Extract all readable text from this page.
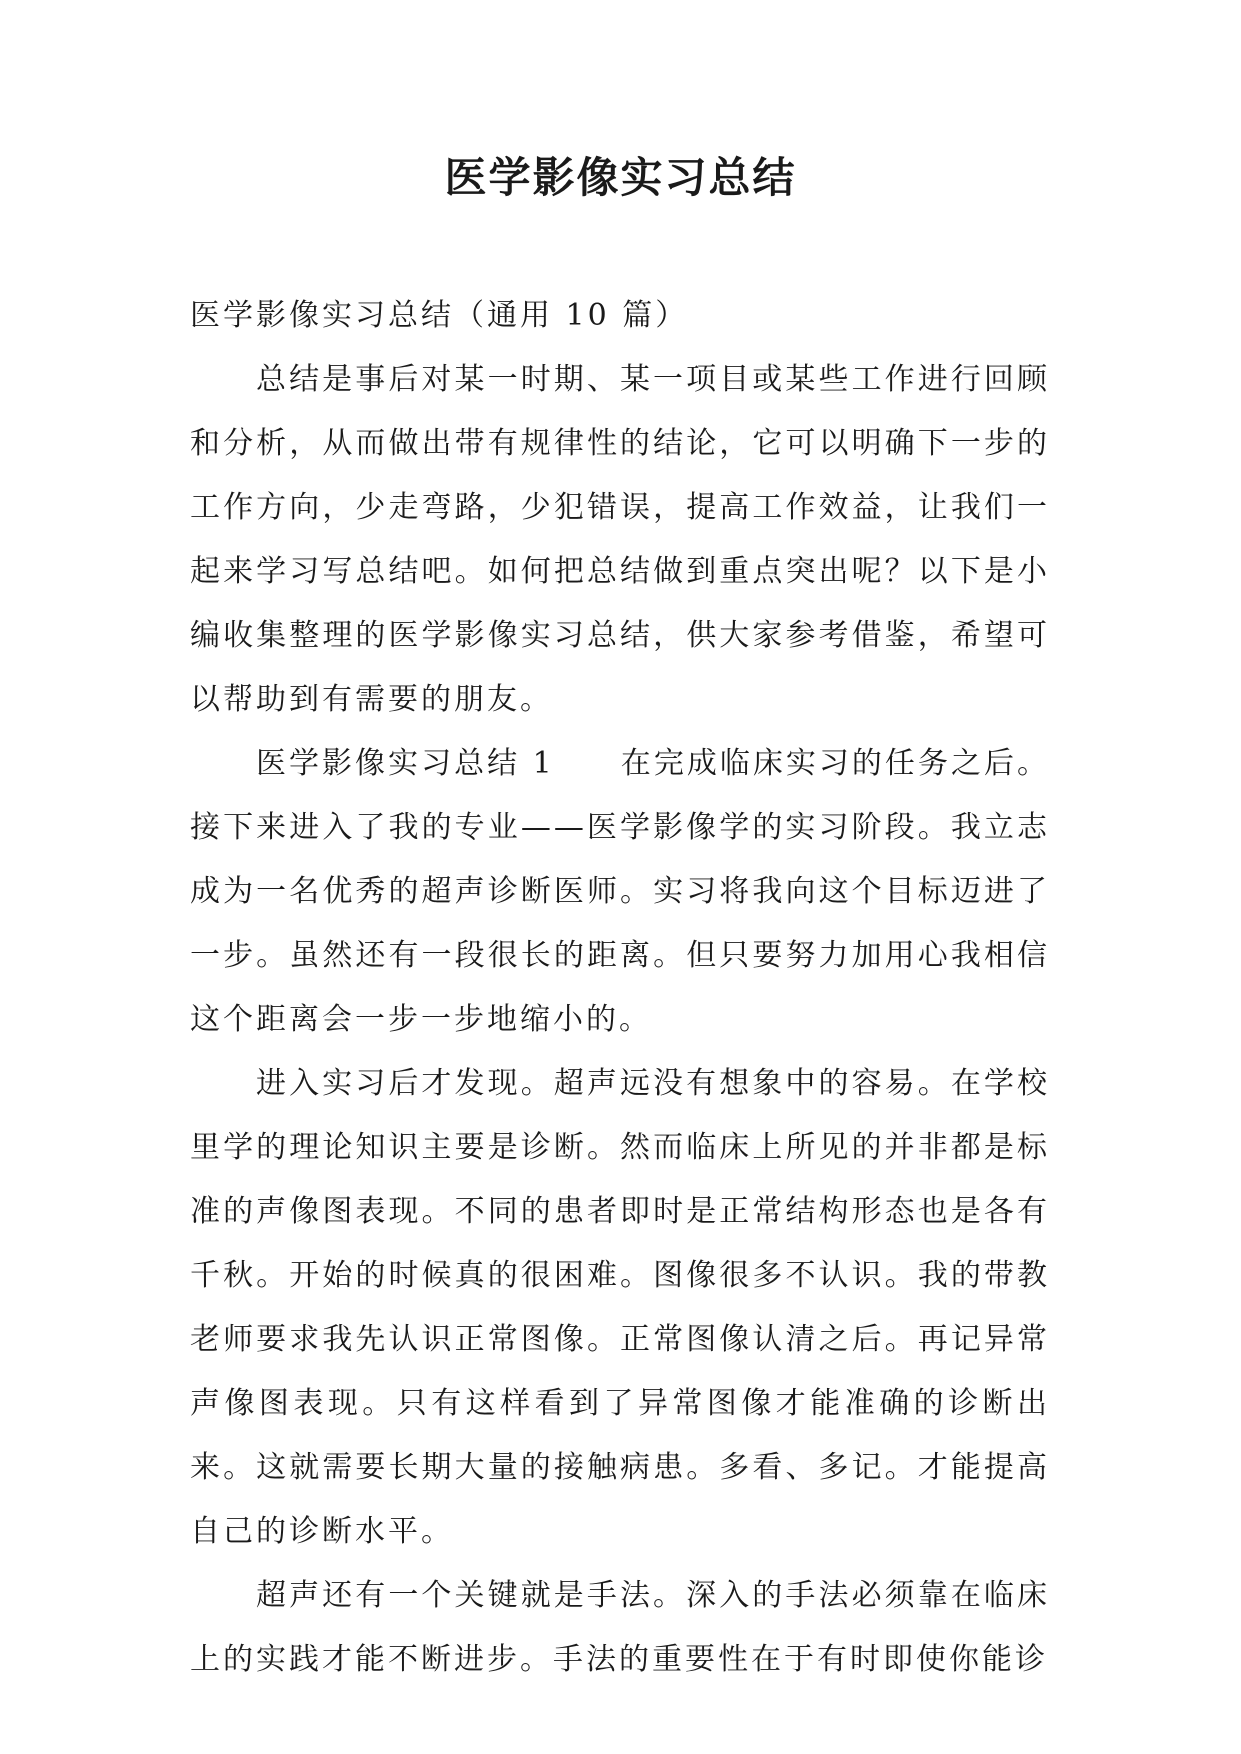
医学影像实习总结

医学影像实习总结（通用 10 篇）

总结是事后对某一时期、某一项目或某些工作进行回顾和分析，从而做出带有规律性的结论，它可以明确下一步的工作方向，少走弯路，少犯错误，提高工作效益，让我们一起来学习写总结吧。如何把总结做到重点突出呢？以下是小编收集整理的医学影像实习总结，供大家参考借鉴，希望可以帮助到有需要的朋友。

医学影像实习总结 1　　在完成临床实习的任务之后。接下来进入了我的专业——医学影像学的实习阶段。我立志成为一名优秀的超声诊断医师。实习将我向这个目标迈进了一步。虽然还有一段很长的距离。但只要努力加用心我相信这个距离会一步一步地缩小的。

进入实习后才发现。超声远没有想象中的容易。在学校里学的理论知识主要是诊断。然而临床上所见的并非都是标准的声像图表现。不同的患者即时是正常结构形态也是各有千秋。开始的时候真的很困难。图像很多不认识。我的带教老师要求我先认识正常图像。正常图像认清之后。再记异常声像图表现。只有这样看到了异常图像才能准确的诊断出来。这就需要长期大量的接触病患。多看、多记。才能提高自己的诊断水平。

超声还有一个关键就是手法。深入的手法必须靠在临床上的实践才能不断进步。手法的重要性在于有时即使你能诊
